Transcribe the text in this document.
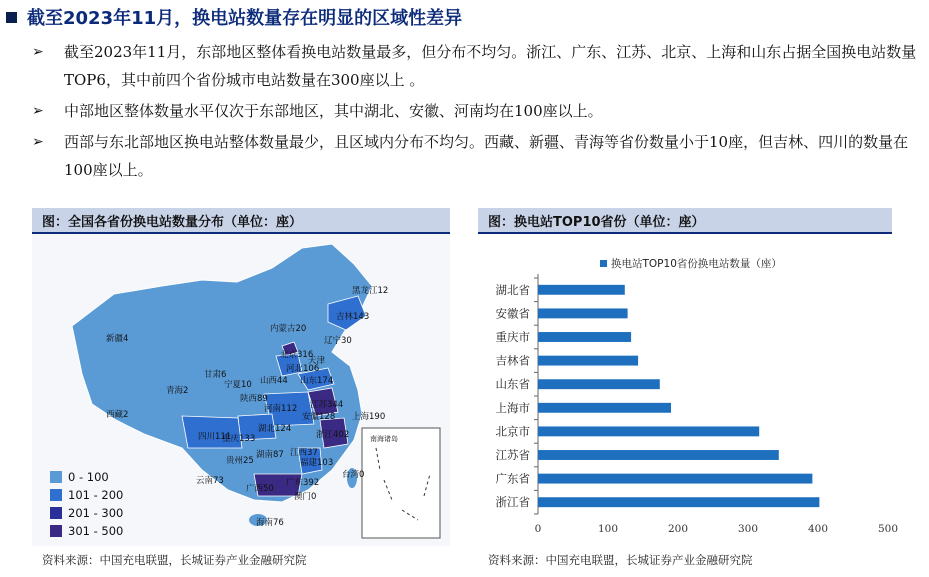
截至2023年11月，换电站数量存在明显的区域性差异
➢ 截至2023年11月，东部地区整体看换电站数量最多，但分布不均匀。浙江、广东、江苏、北京、上海和山东占据全国换电站数量TOP6，其中前四个省份城市电站数量在300座以上 。
➢ 中部地区整体数量水平仅次于东部地区，其中湖北、安徽、河南均在100座以上。
➢ 西部与东北部地区换电站整体数量最少，且区域内分布不均匀。西藏、新疆、青海等省份数量小于10座，但吉林、四川的数量在100座以上。
图：全国各省份换电站数量分布（单位：座）
黑龙江12
吉林143
辽宁30
内蒙古20
新疆4
北京316
河北106
天津
甘肃6
宁夏10 山西44 山东174
青海2
陕西89
河南112 江苏344
西藏2
四川111
重庆133
湖北124
安徽128 上海190
浙江402
贵州25
湖南87 江西37
福建103
云南73
广西50
广东392
台湾0
海南76
澳门0
南海诸岛
0 - 100
101 - 200
201 - 300
301 - 500
资料来源：中国充电联盟，长城证券产业金融研究院
图：换电站TOP10省份（单位：座）
换电站TOP10省份换电站数量（座）
湖北省
安徽省
重庆市
吉林省
山东省
上海市
北京市
江苏省
广东省
浙江省
0	100	200	300	400	500
资料来源：中国充电联盟，长城证券产业金融研究院
